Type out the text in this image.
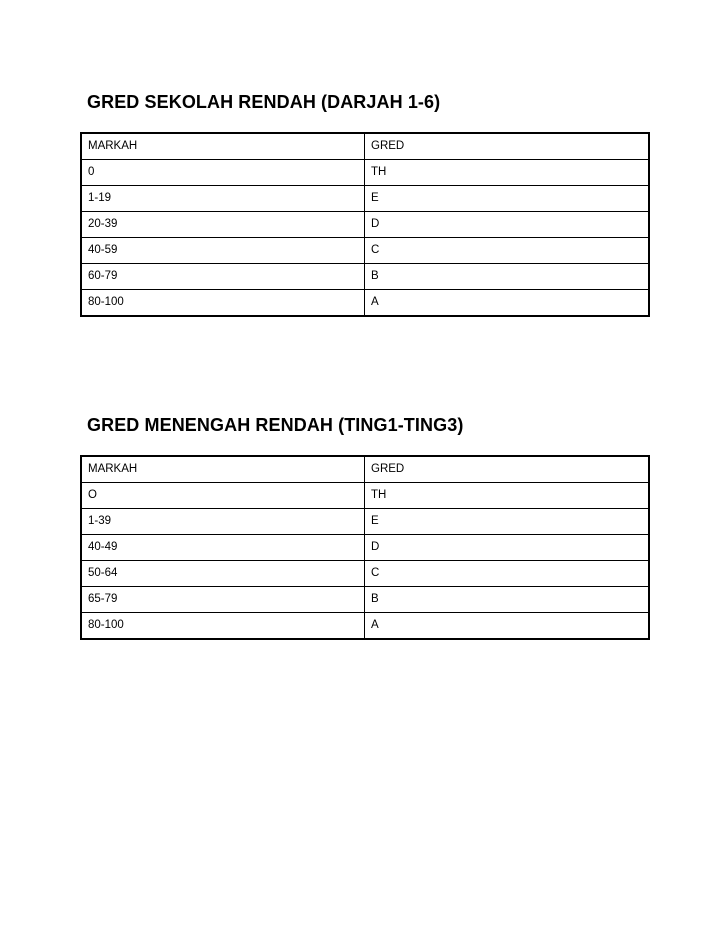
GRED SEKOLAH RENDAH (DARJAH 1-6)
MARKAH	GRED
0	TH
1-19	E
20-39	D
40-59	C
60-79	B
80-100	A
GRED MENENGAH RENDAH (TING1-TING3)
MARKAH	GRED
O	TH
1-39	E
40-49	D
50-64	C
65-79	B
80-100	A
